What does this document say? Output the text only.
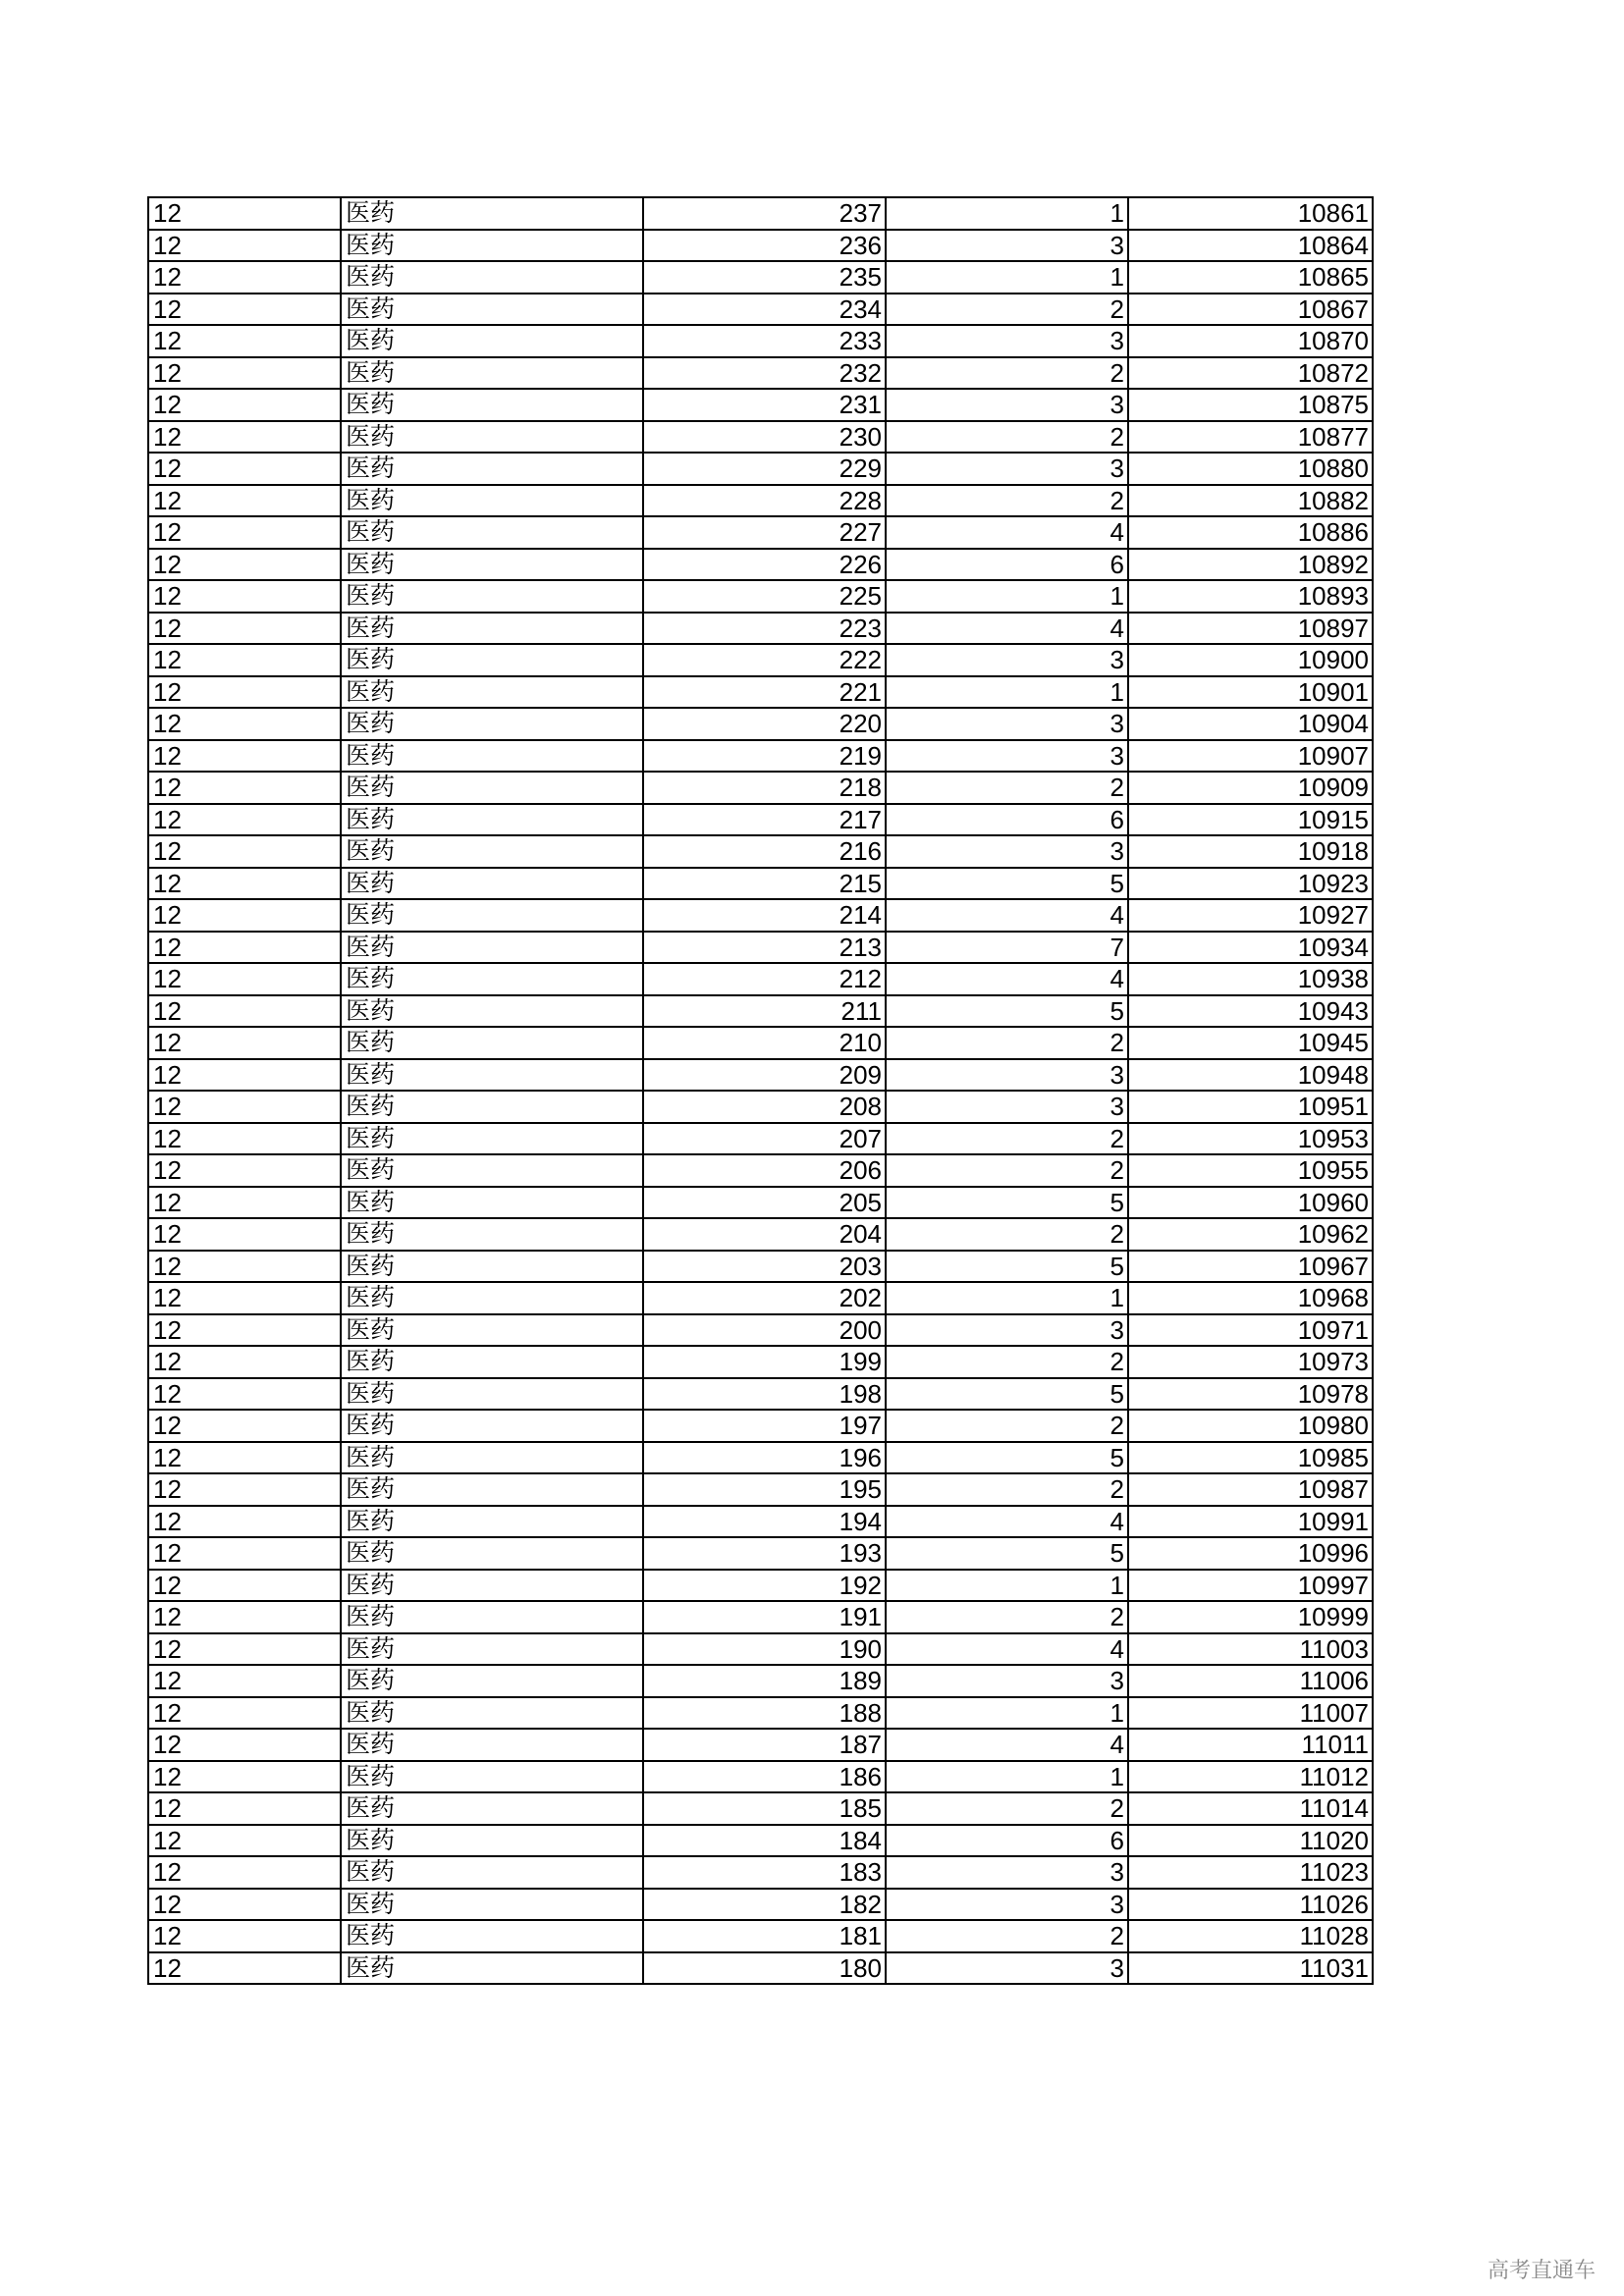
12	医药	237	1	10861
12	医药	236	3	10864
12	医药	235	1	10865
12	医药	234	2	10867
12	医药	233	3	10870
12	医药	232	2	10872
12	医药	231	3	10875
12	医药	230	2	10877
12	医药	229	3	10880
12	医药	228	2	10882
12	医药	227	4	10886
12	医药	226	6	10892
12	医药	225	1	10893
12	医药	223	4	10897
12	医药	222	3	10900
12	医药	221	1	10901
12	医药	220	3	10904
12	医药	219	3	10907
12	医药	218	2	10909
12	医药	217	6	10915
12	医药	216	3	10918
12	医药	215	5	10923
12	医药	214	4	10927
12	医药	213	7	10934
12	医药	212	4	10938
12	医药	211	5	10943
12	医药	210	2	10945
12	医药	209	3	10948
12	医药	208	3	10951
12	医药	207	2	10953
12	医药	206	2	10955
12	医药	205	5	10960
12	医药	204	2	10962
12	医药	203	5	10967
12	医药	202	1	10968
12	医药	200	3	10971
12	医药	199	2	10973
12	医药	198	5	10978
12	医药	197	2	10980
12	医药	196	5	10985
12	医药	195	2	10987
12	医药	194	4	10991
12	医药	193	5	10996
12	医药	192	1	10997
12	医药	191	2	10999
12	医药	190	4	11003
12	医药	189	3	11006
12	医药	188	1	11007
12	医药	187	4	11011
12	医药	186	1	11012
12	医药	185	2	11014
12	医药	184	6	11020
12	医药	183	3	11023
12	医药	182	3	11026
12	医药	181	2	11028
12	医药	180	3	11031
高考直通车
